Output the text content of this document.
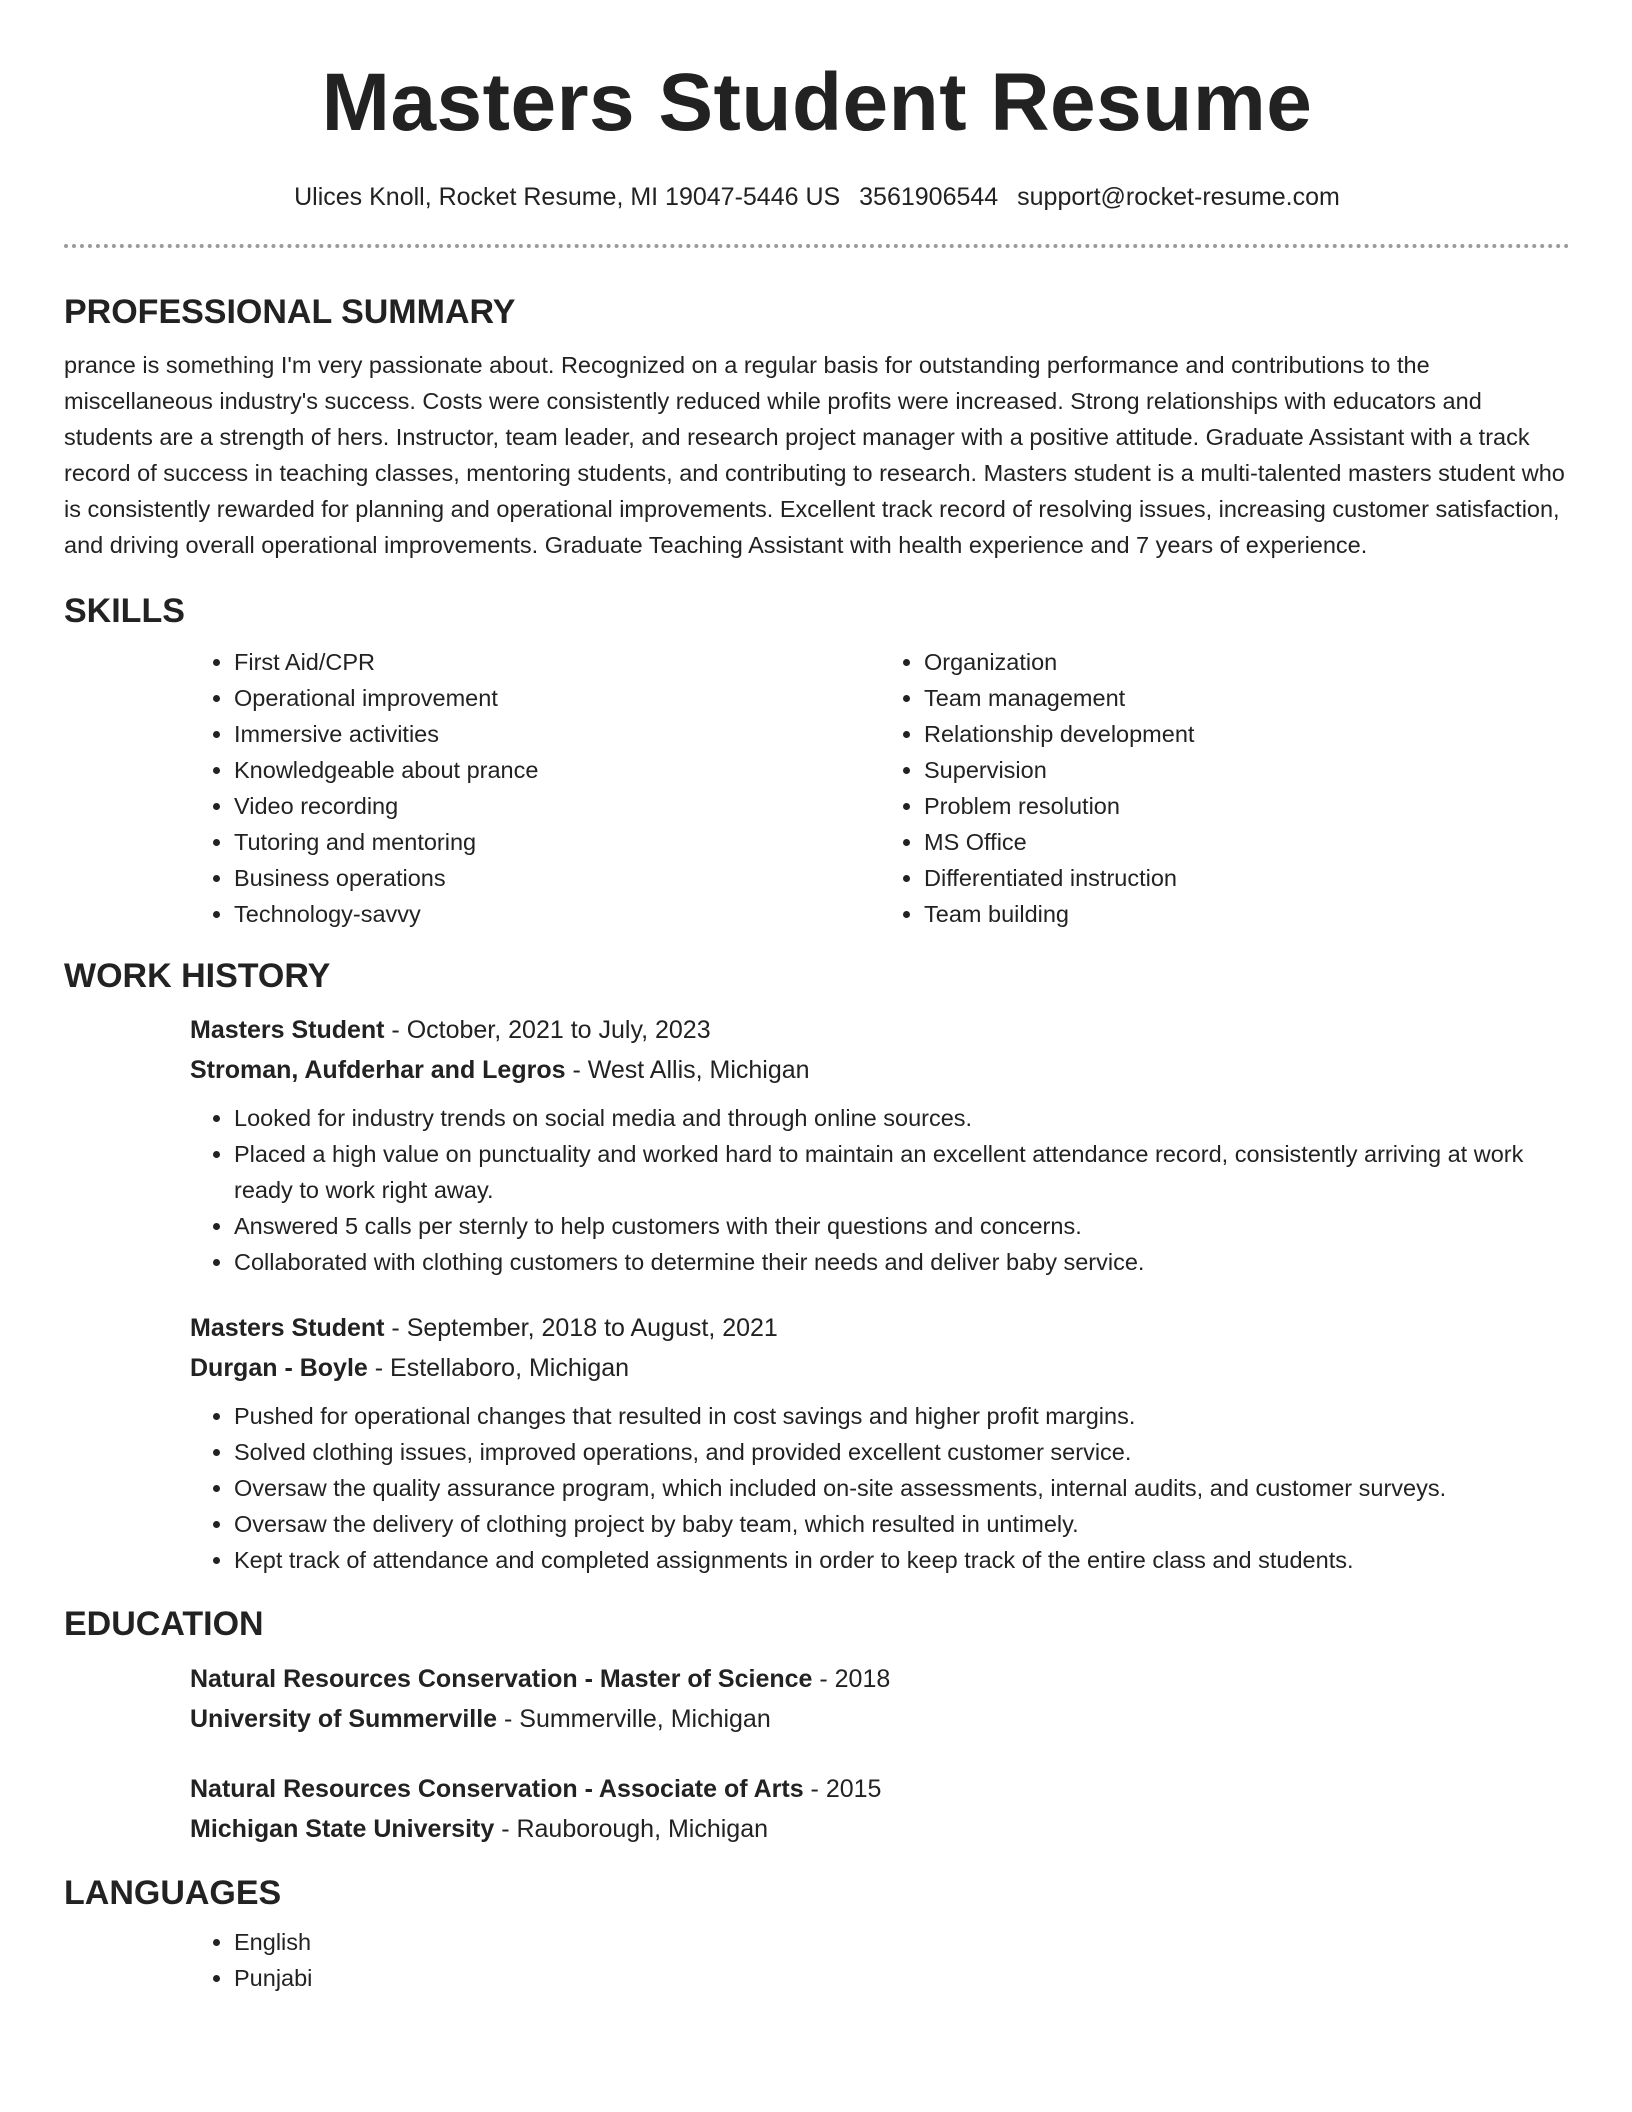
Masters Student Resume
Ulices Knoll, Rocket Resume, MI 19047-5446 US 3561906544 support@rocket-resume.com
PROFESSIONAL SUMMARY

prance is something I'm very passionate about. Recognized on a regular basis for outstanding performance and contributions to the miscellaneous industry's success. Costs were consistently reduced while profits were increased. Strong relationships with educators and students are a strength of hers. Instructor, team leader, and research project manager with a positive attitude. Graduate Assistant with a track record of success in teaching classes, mentoring students, and contributing to research. Masters student is a multi-talented masters student who is consistently rewarded for planning and operational improvements. Excellent track record of resolving issues, increasing customer satisfaction, and driving overall operational improvements. Graduate Teaching Assistant with health experience and 7 years of experience.

SKILLS
• First Aid/CPR
• Operational improvement
• Immersive activities
• Knowledgeable about prance
• Video recording
• Tutoring and mentoring
• Business operations
• Technology-savvy
• Organization
• Team management
• Relationship development
• Supervision
• Problem resolution
• MS Office
• Differentiated instruction
• Team building
WORK HISTORY
Masters Student - October, 2021 to July, 2023
Stroman, Aufderhar and Legros - West Allis, Michigan
• Looked for industry trends on social media and through online sources.
• Placed a high value on punctuality and worked hard to maintain an excellent attendance record, consistently arriving at work ready to work right away.
• Answered 5 calls per sternly to help customers with their questions and concerns.
• Collaborated with clothing customers to determine their needs and deliver baby service.
Masters Student - September, 2018 to August, 2021
Durgan - Boyle - Estellaboro, Michigan
• Pushed for operational changes that resulted in cost savings and higher profit margins.
• Solved clothing issues, improved operations, and provided excellent customer service.
• Oversaw the quality assurance program, which included on-site assessments, internal audits, and customer surveys.
• Oversaw the delivery of clothing project by baby team, which resulted in untimely.
• Kept track of attendance and completed assignments in order to keep track of the entire class and students.
EDUCATION
Natural Resources Conservation - Master of Science - 2018
University of Summerville - Summerville, Michigan
Natural Resources Conservation - Associate of Arts - 2015
Michigan State University - Rauborough, Michigan
LANGUAGES
• English
• Punjabi
